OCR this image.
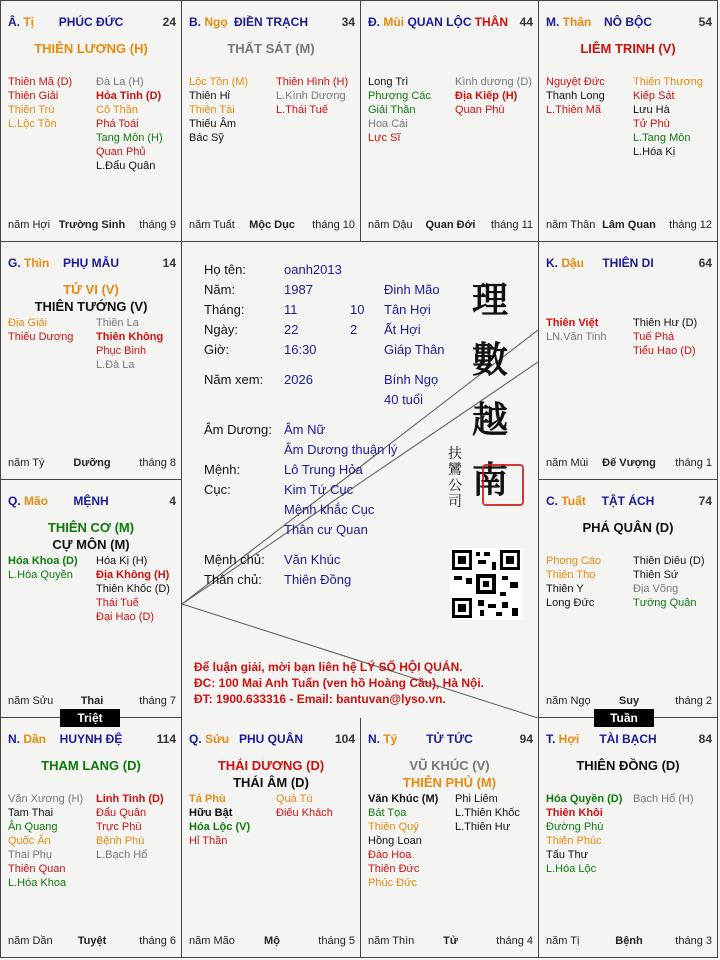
Â. Tị	PHÚC ĐỨC	24
THIÊN LƯƠNG (H)
Thiên Mã (D)
Thiên Giải
Thiên Trù
L.Lộc Tồn
Đà La (H)
Hỏa Tinh (D)
Cô Thần
Phá Toái
Tang Môn (H)
Quan Phủ
L.Đẩu Quân
năm Hợi Trường Sinh	tháng 9
B. Ngọ ĐIỀN TRẠCH	34
THẤT SÁT (M)
Lộc Tồn (M)
Thiên Hỉ
Thiên Tài
Thiếu Âm
Bác Sỹ
Thiên Hình (H)
L.Kình Dương
L.Thái Tuế
năm Tuất	Mộc Dục	tháng 10
Đ. Mùi QUAN LỘC THÂN 44
Long Trì
Phượng Các
Giải Thần
Hoa Cái
Lực Sĩ
Kình dương (D)
Địa Kiếp (H)
Quan Phù
năm Dậu	Quan Đới	tháng 11
M. Thân	NÔ BỘC	54
LIÊM TRINH (V)
Nguyệt Đức
Thanh Long
L.Thiên Mã
Thiên Thương
Kiếp Sát
Lưu Hà
Tử Phù
L.Tang Môn
L.Hóa Kị
năm Thân Lâm Quan	tháng 12
G. Thìn	PHỤ MẪU	14
TỬ VI (V)
THIÊN TƯỚNG (V)
Địa Giải
Thiếu Dương
Thiên La
Thiên Không
Phục Binh
L.Đà La
năm Tý	Dưỡng	tháng 8
K. Dậu	THIÊN DI	64
Thiên Việt
LN.Văn Tinh
Thiên Hư (D)
Tuế Phá
Tiểu Hao (D)
năm Mùi	Đế Vượng	tháng 1
Q. Mão	MỆNH	4
THIÊN CƠ (M)
CỰ MÔN (M)
Hóa Khoa (D)
L.Hóa Quyền
Hóa Kị (H)
Địa Không (H)
Thiên Khốc (D)
Thái Tuế
Đại Hao (D)
năm Sửu	Thai	tháng 7
C. Tuất	TẬT ÁCH	74
PHÁ QUÂN (D)
Phong Cáo
Thiên Thọ
Thiên Y
Long Đức
Thiên Diêu (D)
Thiên Sứ
Địa Võng
Tướng Quân
năm Ngọ	Suy	tháng 2
N. Dần	HUYNH ĐỆ	114
THAM LANG (D)
Văn Xương (H)
Tam Thai
Ân Quang
Quốc Ấn
Thai Phụ
Thiên Quan
L.Hóa Khoa
Linh Tinh (D)
Đẩu Quân
Trực Phù
Bệnh Phù
L.Bạch Hổ
năm Dần	Tuyệt	tháng 6
Q. Sửu PHU QUÂN	104
THÁI DƯƠNG (D)
THÁI ÂM (D)
Tả Phù
Hữu Bật
Hóa Lộc (V)
Hỉ Thần
Quả Tú
Điếu Khách
năm Mão	Mộ	tháng 5
N. Tý	TỬ TỨC	94
VŨ KHÚC (V)
THIÊN PHỦ (M)
Văn Khúc (M)
Bát Tọa
Thiên Quý
Hồng Loan
Đào Hoa
Thiên Đức
Phúc Đức
Phi Liêm
L.Thiên Khốc
L.Thiên Hư
năm Thìn	Tử	tháng 4
T. Hợi	TÀI BẠCH	84
THIÊN ĐỒNG (D)
Hóa Quyền (D)
Thiên Khôi
Đường Phù
Thiên Phúc
Tấu Thư
L.Hóa Lộc
Bạch Hổ (H)
năm Tị	Bệnh	tháng 3
Họ tên:	oanh2013
Năm:	1987	Đinh Mão
Tháng:	11	10 Tân Hợi
Ngày:	22	2 Ất Hợi
Giờ:	16:30	Giáp Thân
Năm xem: 2026	Bính Ngọ
40 tuổi
Âm Dương: Âm Nữ
Âm Dương thuận lý
Mệnh:	Lô Trung Hỏa
Cục:	Kim Tứ Cục
Mệnh khắc Cục
Thân cư Quan
Mệnh chủ: Văn Khúc
Thân chủ: Thiên Đồng
理
數
越
南
扶
鸞
公
司
Để luận giải, mời bạn liên hệ LÝ SỐ HỘI QUÁN.
ĐC: 100 Mai Anh Tuấn (ven hồ Hoàng Cầu), Hà Nội.
ĐT: 1900.633316 - Email: bantuvan@lyso.vn.
Triệt	Tuần
